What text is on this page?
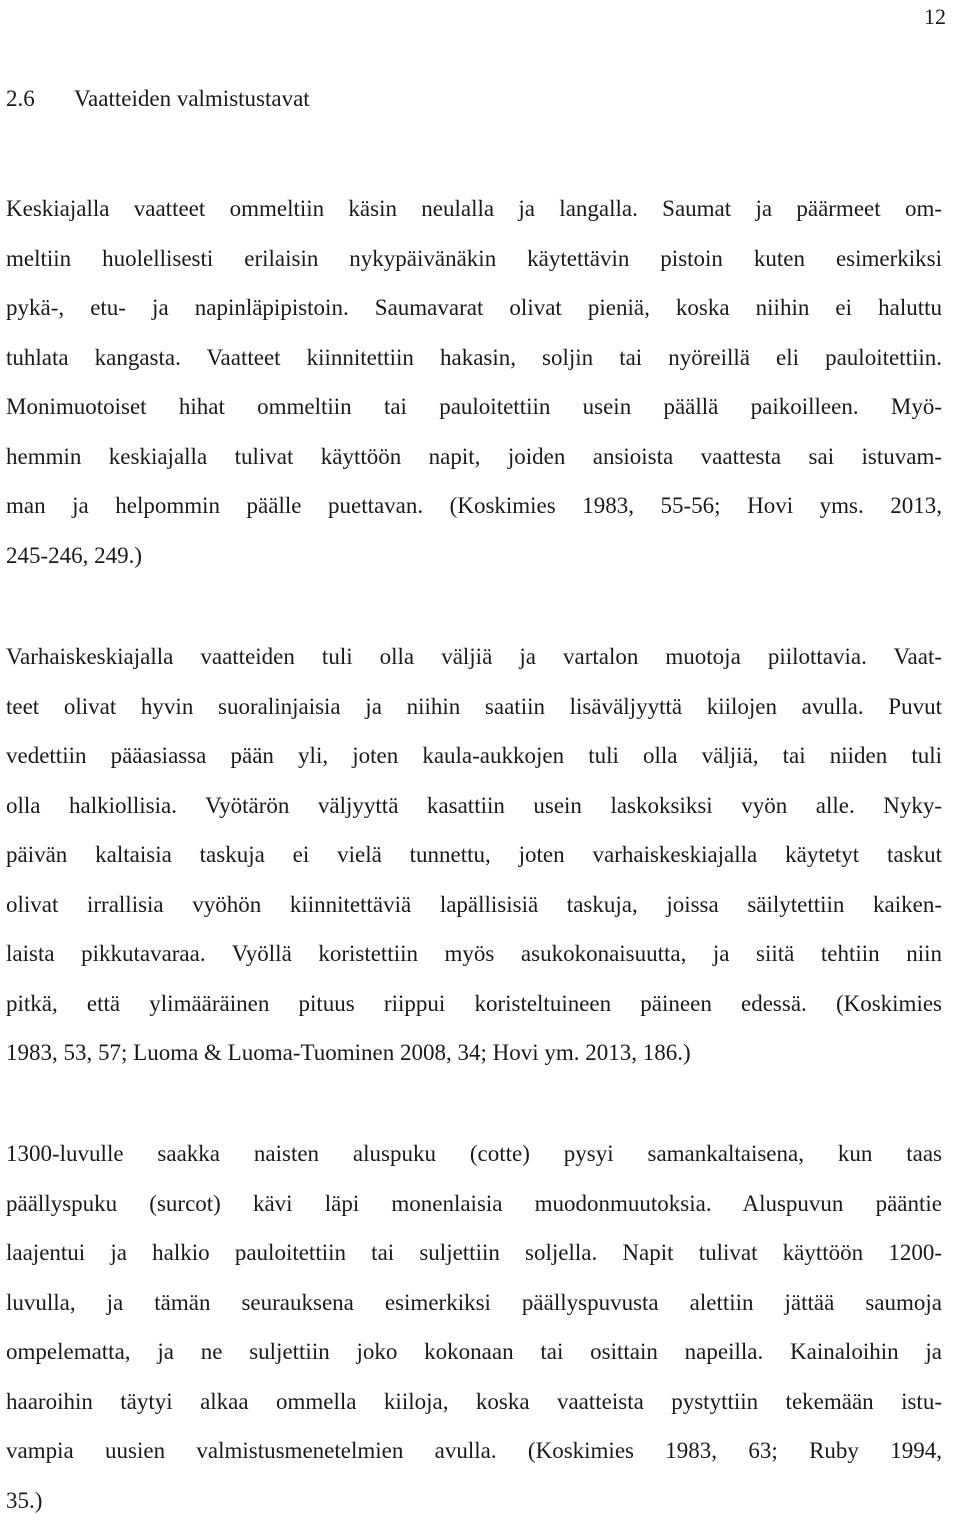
12
2.6 Vaatteiden valmistustavat
Keskiajalla vaatteet ommeltiin käsin neulalla ja langalla. Saumat ja päärmeet om-
meltiin huolellisesti erilaisin nykypäivänäkin käytettävin pistoin kuten esimerkiksi
pykä-, etu- ja napinläpipistoin. Saumavarat olivat pieniä, koska niihin ei haluttu
tuhlata kangasta. Vaatteet kiinnitettiin hakasin, soljin tai nyöreillä eli pauloitettiin.
Monimuotoiset hihat ommeltiin tai pauloitettiin usein päällä paikoilleen. Myö-
hemmin keskiajalla tulivat käyttöön napit, joiden ansioista vaattesta sai istuvam-
man ja helpommin päälle puettavan. (Koskimies 1983, 55-56; Hovi yms. 2013,
245-246, 249.)
Varhaiskeskiajalla vaatteiden tuli olla väljiä ja vartalon muotoja piilottavia. Vaat-
teet olivat hyvin suoralinjaisia ja niihin saatiin lisäväljyyttä kiilojen avulla. Puvut
vedettiin pääasiassa pään yli, joten kaula-aukkojen tuli olla väljiä, tai niiden tuli
olla halkiollisia. Vyötärön väljyyttä kasattiin usein laskoksiksi vyön alle. Nyky-
päivän kaltaisia taskuja ei vielä tunnettu, joten varhaiskeskiajalla käytetyt taskut
olivat irrallisia vyöhön kiinnitettäviä lapällisisiä taskuja, joissa säilytettiin kaiken-
laista pikkutavaraa. Vyöllä koristettiin myös asukokonaisuutta, ja siitä tehtiin niin
pitkä, että ylimääräinen pituus riippui koristeltuineen päineen edessä. (Koskimies
1983, 53, 57; Luoma & Luoma-Tuominen 2008, 34; Hovi ym. 2013, 186.)
1300-luvulle saakka naisten aluspuku (cotte) pysyi samankaltaisena, kun taas
päällyspuku (surcot) kävi läpi monenlaisia muodonmuutoksia. Aluspuvun pääntie
laajentui ja halkio pauloitettiin tai suljettiin soljella. Napit tulivat käyttöön 1200-
luvulla, ja tämän seurauksena esimerkiksi päällyspuvusta alettiin jättää saumoja
ompelematta, ja ne suljettiin joko kokonaan tai osittain napeilla. Kainaloihin ja
haaroihin täytyi alkaa ommella kiiloja, koska vaatteista pystyttiin tekemään istu-
vampia uusien valmistusmenetelmien avulla. (Koskimies 1983, 63; Ruby 1994,
35.)
